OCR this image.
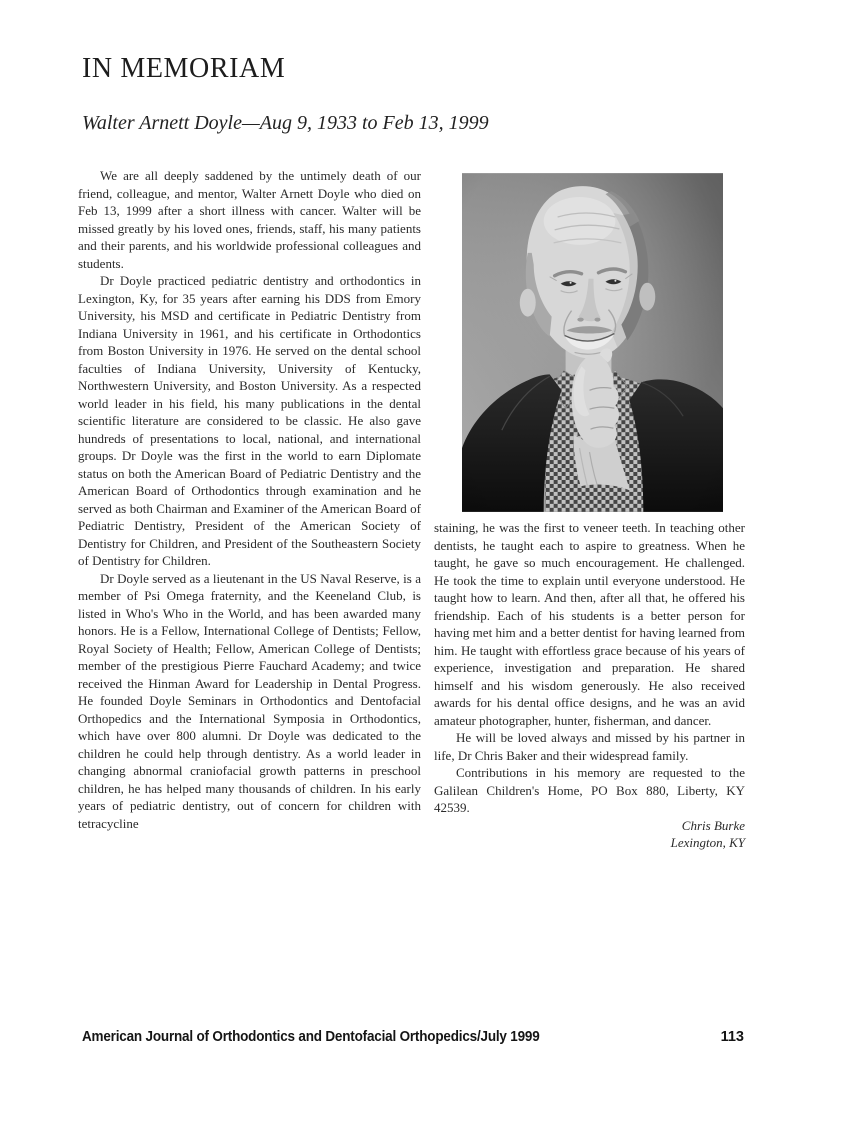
IN MEMORIAM
Walter Arnett Doyle—Aug 9, 1933 to Feb 13, 1999

We are all deeply saddened by the untimely death of our friend, colleague, and mentor, Walter Arnett Doyle who died on Feb 13, 1999 after a short illness with cancer. Walter will be missed greatly by his loved ones, friends, staff, his many patients and their parents, and his worldwide professional colleagues and students.

Dr Doyle practiced pediatric dentistry and orthodontics in Lexington, Ky, for 35 years after earning his DDS from Emory University, his MSD and certificate in Pediatric Dentistry from Indiana University in 1961, and his certificate in Orthodontics from Boston University in 1976. He served on the dental school faculties of Indiana University, University of Kentucky, Northwestern University, and Boston University. As a respected world leader in his field, his many publications in the dental scientific literature are considered to be classic. He also gave hundreds of presentations to local, national, and international groups. Dr Doyle was the first in the world to earn Diplomate status on both the American Board of Pediatric Dentistry and the American Board of Orthodontics through examination and he served as both Chairman and Examiner of the American Board of Pediatric Dentistry, President of the American Society of Dentistry for Children, and President of the Southeastern Society of Dentistry for Children.

Dr Doyle served as a lieutenant in the US Naval Reserve, is a member of Psi Omega fraternity, and the Keeneland Club, is listed in Who's Who in the World, and has been awarded many honors. He is a Fellow, International College of Dentists; Fellow, Royal Society of Health; Fellow, American College of Dentists; member of the prestigious Pierre Fauchard Academy; and twice received the Hinman Award for Leadership in Dental Progress. He founded Doyle Seminars in Orthodontics and Dentofacial Orthopedics and the International Symposia in Orthodontics, which have over 800 alumni. Dr Doyle was dedicated to the children he could help through dentistry. As a world leader in changing abnormal craniofacial growth patterns in preschool children, he has helped many thousands of children. In his early years of pediatric dentistry, out of concern for children with tetracycline

staining, he was the first to veneer teeth. In teaching other dentists, he taught each to aspire to greatness. When he taught, he gave so much encouragement. He challenged. He took the time to explain until everyone understood. He taught how to learn. And then, after all that, he offered his friendship. Each of his students is a better person for having met him and a better dentist for having learned from him. He taught with effortless grace because of his years of experience, investigation and preparation. He shared himself and his wisdom generously. He also received awards for his dental office designs, and he was an avid amateur photographer, hunter, fisherman, and dancer.

He will be loved always and missed by his partner in life, Dr Chris Baker and their widespread family.

Contributions in his memory are requested to the Galilean Children's Home, PO Box 880, Liberty, KY 42539.

Chris Burke
Lexington, KY
American Journal of Orthodontics and Dentofacial Orthopedics/July 1999	113
